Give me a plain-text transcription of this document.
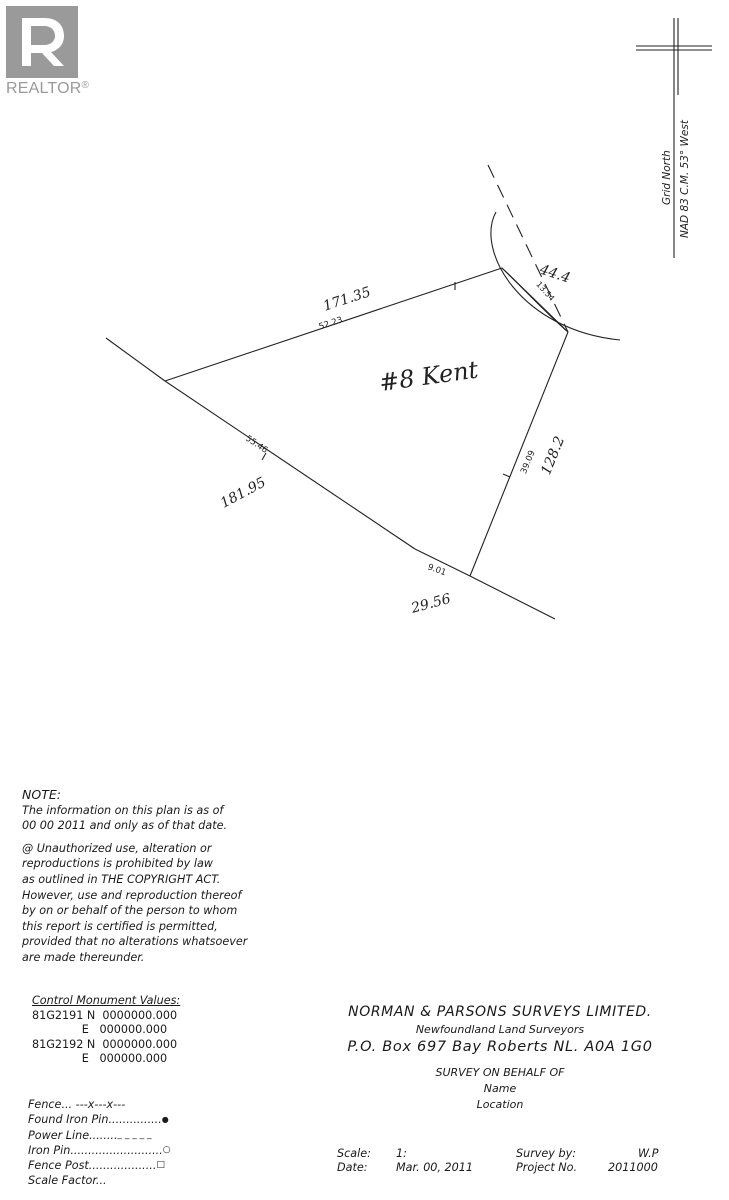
REALTOR®
Grid North NAD 83 C.M. 53° West
#8 Kent
171.35
52.23
44.4
13.54
128.2
39.09
9.01
29.56
55.46
181.95

NOTE:

The information on this plan is as of

00 00 2011 and only as of that date.

@ Unauthorized use, alteration or

reproductions is prohibited by law

as outlined in THE COPYRIGHT ACT.

However, use and reproduction thereof

by on or behalf of the person to whom

this report is certified is permitted,

provided that no alterations whatsoever

are made thereunder.

Control Monument Values:
81G2191 N  0000000.000
E   000000.000
81G2192 N  0000000.000
E   000000.000
Fence... ---x---x---
Found Iron Pin............... ●
Power Line........ _ _ _ _ _
Iron Pin.......................... ○
Fence Post................... □
Scale Factor...
NORMAN & PARSONS SURVEYS LIMITED.
Newfoundland Land Surveyors
P.O. Box 697 Bay Roberts NL. A0A 1G0
SURVEY ON BEHALF OF
Name
Location
Scale: 1:
Date:	Mar. 00, 2011
Survey by:	W.P
Project No.	2011000
